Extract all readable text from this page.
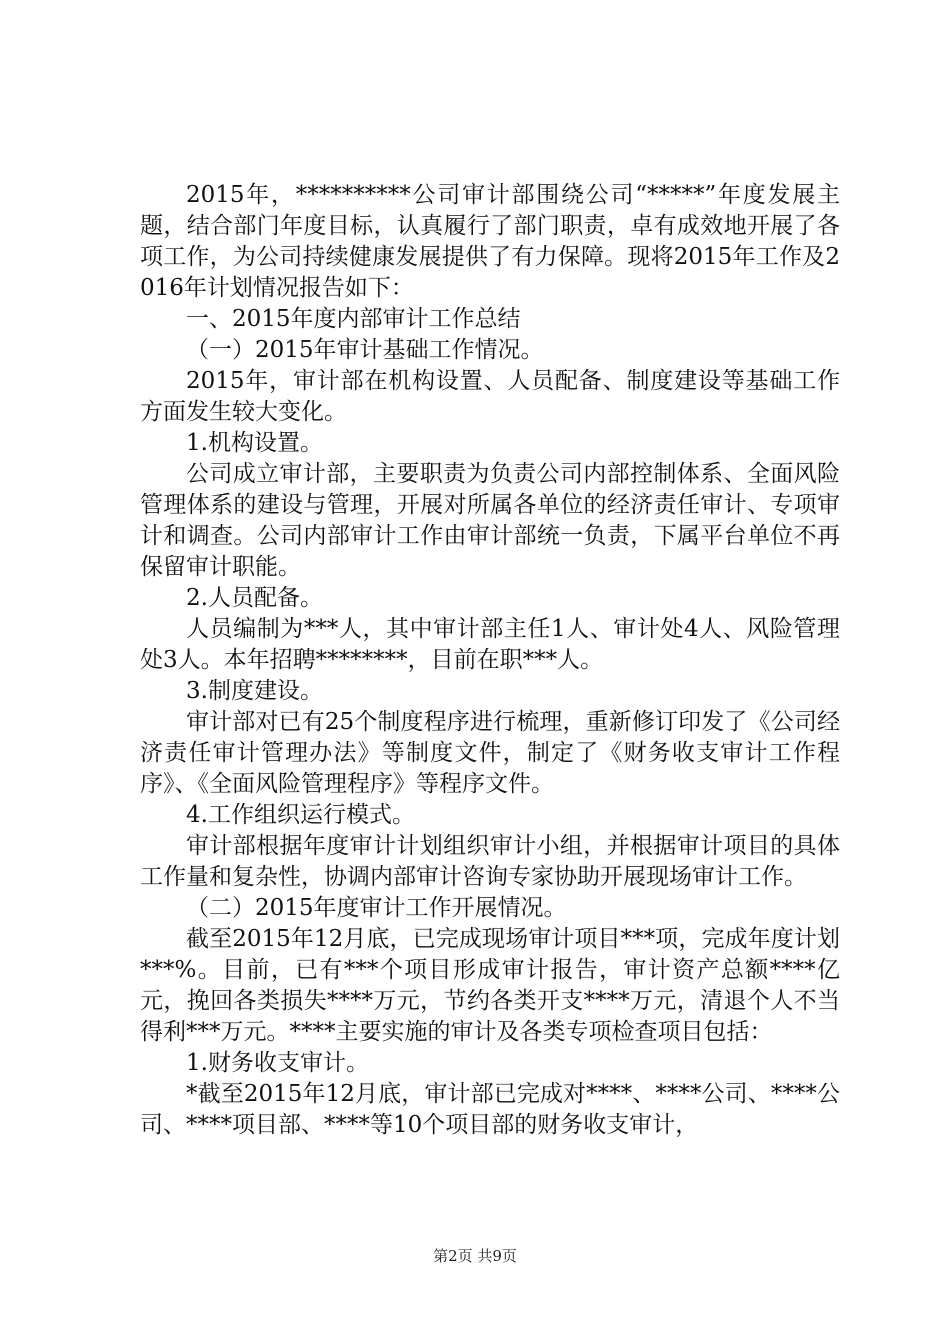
2015年，**********公司审计部围绕公司“*****”年度发展主题，结合部门年度目标，认真履行了部门职责，卓有成效地开展了各项工作，为公司持续健康发展提供了有力保障。现将2015年工作及2016年计划情况报告如下：

一、2015年度内部审计工作总结

（一）2015年审计基础工作情况。

2015年，审计部在机构设置、人员配备、制度建设等基础工作方面发生较大变化。

1.机构设置。

公司成立审计部，主要职责为负责公司内部控制体系、全面风险管理体系的建设与管理，开展对所属各单位的经济责任审计、专项审计和调查。公司内部审计工作由审计部统一负责，下属平台单位不再保留审计职能。

2.人员配备。

人员编制为***人，其中审计部主任1人、审计处4人、风险管理处3人。本年招聘********，目前在职***人。

3.制度建设。

审计部对已有25个制度程序进行梳理，重新修订印发了《公司经济责任审计管理办法》等制度文件，制定了《财务收支审计工作程序》、《全面风险管理程序》等程序文件。

4.工作组织运行模式。

审计部根据年度审计计划组织审计小组，并根据审计项目的具体工作量和复杂性，协调内部审计咨询专家协助开展现场审计工作。

（二）2015年度审计工作开展情况。

截至2015年12月底，已完成现场审计项目***项，完成年度计划***%。目前，已有***个项目形成审计报告，审计资产总额****亿元，挽回各类损失****万元，节约各类开支****万元，清退个人不当得利***万元。****主要实施的审计及各类专项检查项目包括：

1.财务收支审计。

*截至2015年12月底，审计部已完成对****、****公司、****公司、****项目部、****等10个项目部的财务收支审计，

第2页 共9页
